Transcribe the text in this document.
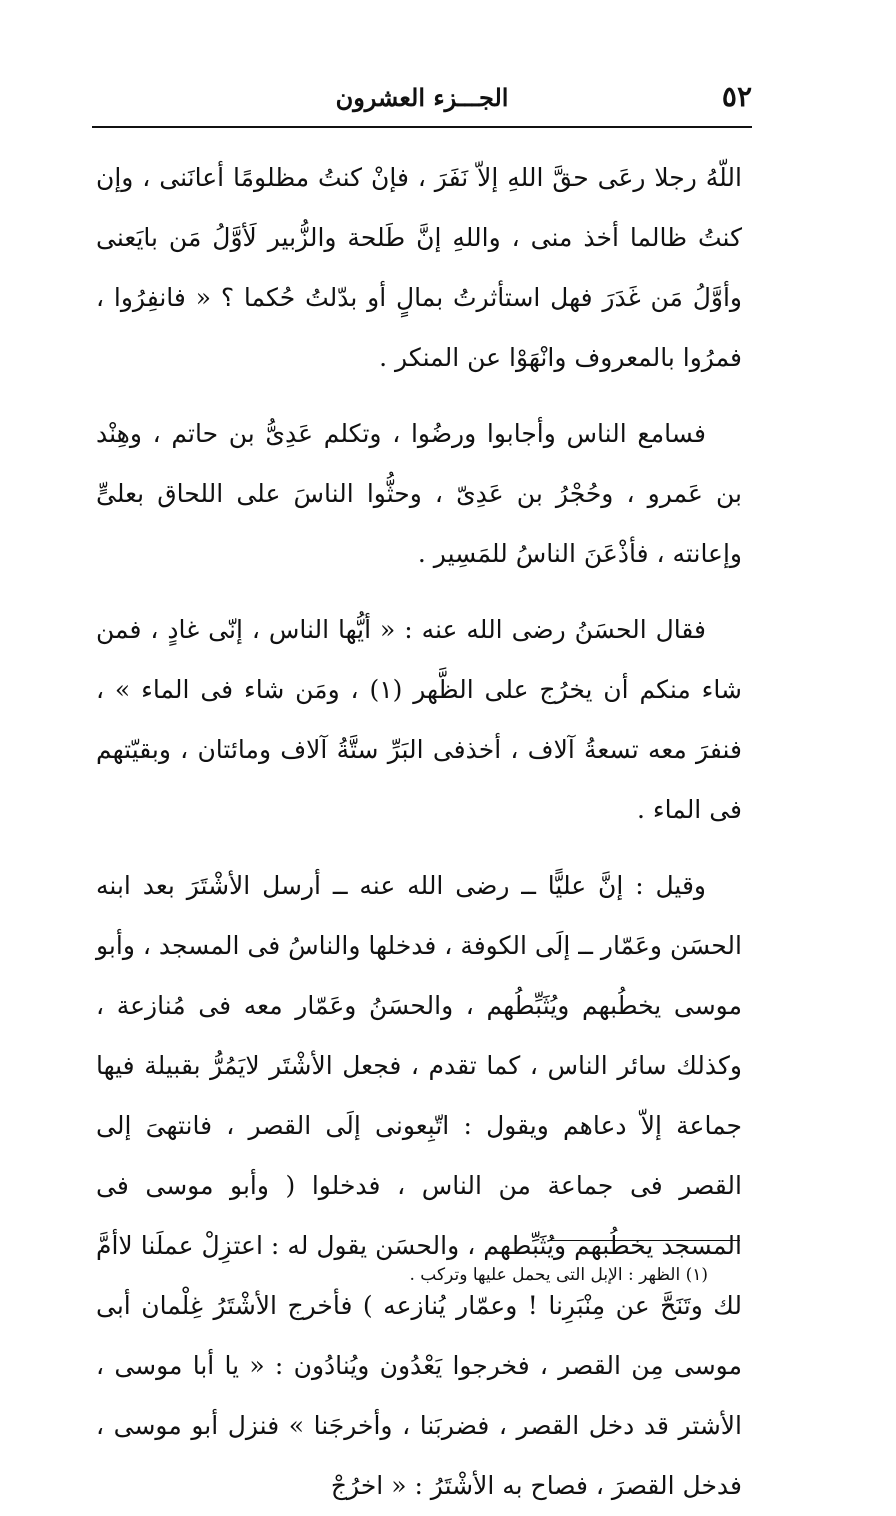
٥٢
الجـــزء العشرون

اللّهُ رجلا رعَى حقَّ اللهِ إلاّ نَفَرَ ، فإنْ كنتُ مظلومًا أعانَنى ، وإن كنتُ ظالما أخذ منى ، واللهِ إنَّ طَلحة والزُّبير لَأوَّلُ مَن بايَعنى وأوَّلُ مَن غَدَرَ فهل استأثرتُ بمالٍ أو بدّلتُ حُكما ؟ « فانفِرُوا ، فمرُوا بالمعروف وانْهَوْا عن المنكر .

فسامع الناس وأجابوا ورضُوا ، وتكلم عَدِىُّ بن حاتم ، وهِنْد بن عَمرو ، وحُجْرُ بن عَدِىّ ، وحثُّوا الناسَ على اللحاق بعلىٍّ وإعانته ، فأذْعَنَ الناسُ للمَسِير .

فقال الحسَنُ رضى الله عنه : « أيُّها الناس ، إنّى غادٍ ، فمن شاء منكم أن يخرُج على الظَّهر (١) ، ومَن شاء فى الماء » ، فنفرَ معه تسعةُ آلاف ، أخذفى البَرِّ ستَّةُ آلاف ومائتان ، وبقيّتهم فى الماء .

وقيل : إنَّ عليًّا ــ رضى الله عنه ــ أرسل الأشْتَرَ بعد ابنه الحسَن وعَمّار ــ إلَى الكوفة ، فدخلها والناسُ فى المسجد ، وأبو موسى يخطُبهم ويُثَبِّطُهم ، والحسَنُ وعَمّار معه فى مُنازعة ، وكذلك سائر الناس ، كما تقدم ، فجعل الأشْتَر لايَمُرُّ بقبيلة فيها جماعة إلاّ دعاهم ويقول : اتّبِعونى إلَى القصر ، فانتهىَ إلى القصر فى جماعة من الناس ، فدخلوا ( وأبو موسى فى المسجد يخطُبهم ويُثَبِّطهم ، والحسَن يقول له : اعتزِلْ عملَنا لاأمَّ لك وتَنَحَّ عن مِنْبَرِنا ! وعمّار يُنازعه ) فأخرج الأشْتَرُ غِلْمان أبى موسى مِن القصر ، فخرجوا يَعْدُون ويُنادُون : « يا أبا موسى ، الأشتر قد دخل القصر ، فضربَنا ، وأخرجَنا » فنزل أبو موسى ، فدخل القصرَ ، فصاح به الأشْتَرُ : « اخرُجْ

(١) الظهر : الإبل التى يحمل عليها وتركب .
